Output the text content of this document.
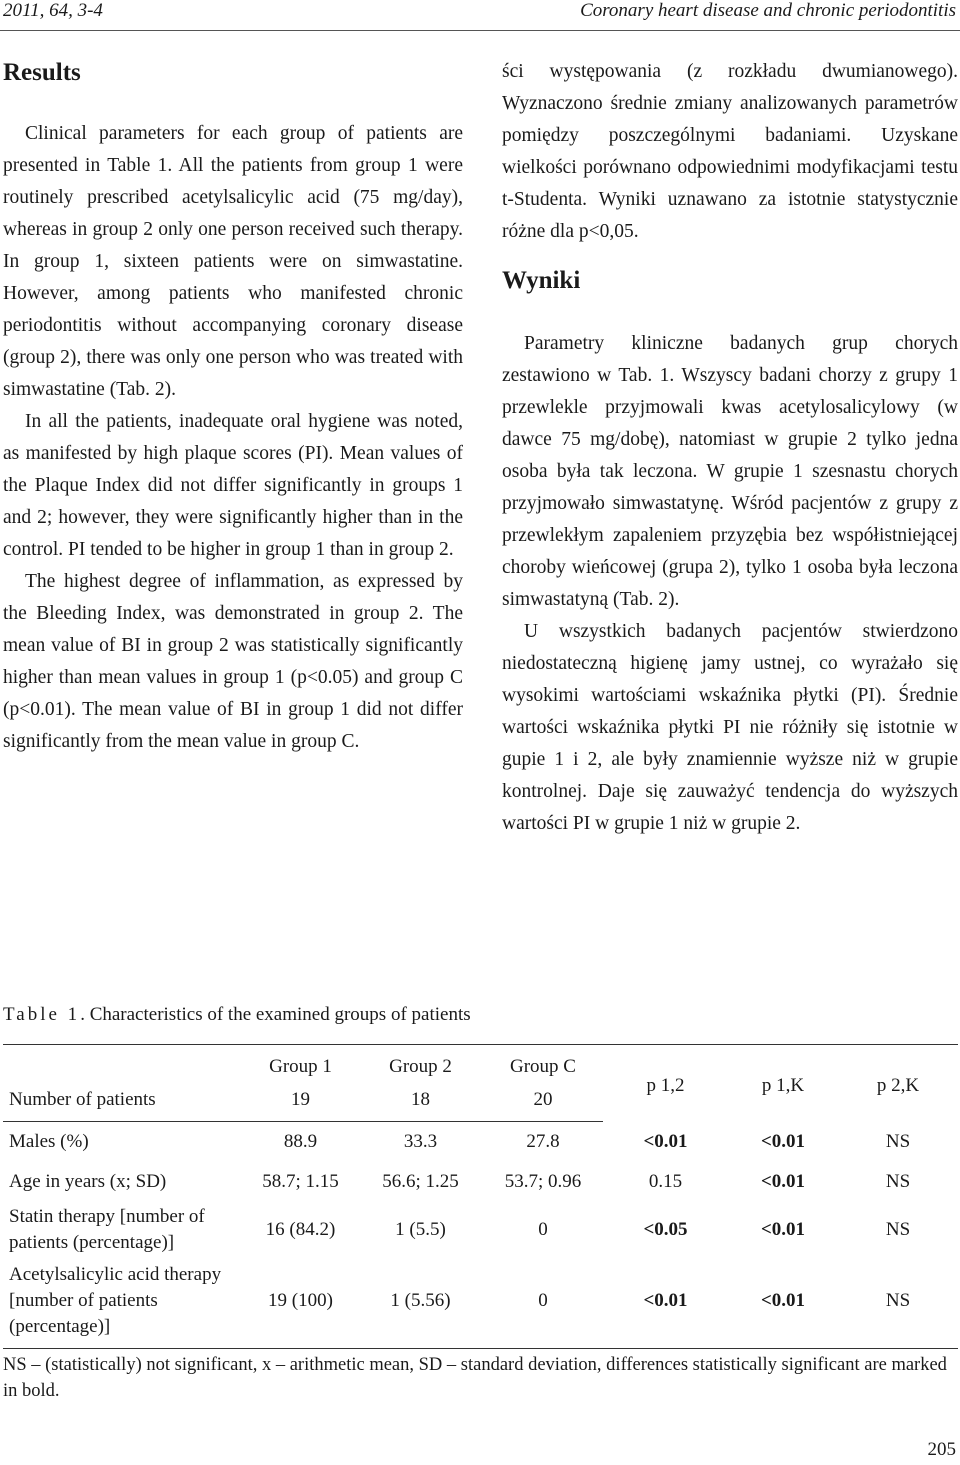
2011, 64, 3-4	Coronary heart disease and chronic periodontitis
Results

Clinical parameters for each group of patients are presented in Table 1. All the patients from group 1 were routinely prescribed acetylsalicylic acid (75 mg/day), whereas in group 2 only one person received such therapy. In group 1, sixteen patients were on simwastatine. However, among patients who manifested chronic periodontitis without accompanying coronary disease (group 2), there was only one person who was treated with simwastatine (Tab. 2).

In all the patients, inadequate oral hygiene was noted, as manifested by high plaque scores (PI). Mean values of the Plaque Index did not differ significantly in groups 1 and 2; however, they were significantly higher than in the control. PI tended to be higher in group 1 than in group 2.

The highest degree of inflammation, as expressed by the Bleeding Index, was demonstrated in group 2. The mean value of BI in group 2 was statistically significantly higher than mean values in group 1 (p<0.05) and group C (p<0.01). The mean value of BI in group 1 did not differ significantly from the mean value in group C.

ści występowania (z rozkładu dwumianowego). Wyznaczono średnie zmiany analizowanych parametrów pomiędzy poszczególnymi badaniami. Uzyskane wielkości porównano odpowiednimi modyfikacjami testu t-Studenta. Wyniki uznawano za istotnie statystycznie różne dla p<0,05.

Wyniki

Parametry kliniczne badanych grup chorych zestawiono w Tab. 1. Wszyscy badani chorzy z grupy 1 przewlekle przyjmowali kwas acetylosalicylowy (w dawce 75 mg/dobę), natomiast w grupie 2 tylko jedna osoba była tak leczona. W grupie 1 szesnastu chorych przyjmowało simwastatynę. Wśród pacjentów z grupy z przewlekłym zapaleniem przyzębia bez współistniejącej choroby wieńcowej (grupa 2), tylko 1 osoba była leczona simwastatyną (Tab. 2).

U wszystkich badanych pacjentów stwierdzono niedostateczną higienę jamy ustnej, co wyrażało się wysokimi wartościami wskaźnika płytki (PI). Średnie wartości wskaźnika płytki PI nie różniły się istotnie w gupie 1 i 2, ale były znamiennie wyższe niż w grupie kontrolnej. Daje się zauważyć tendencja do wyższych wartości PI w grupie 1 niż w grupie 2.

Table 1. Characteristics of the examined groups of patients
	Group 1	Group 2	Group C	p 1,2	p 1,K	p 2,K
Number of patients	19	18	20			
Males (%)	88.9	33.3	27.8	<0.01	<0.01	NS
Age in years (x; SD)	58.7; 1.15	56.6; 1.25	53.7; 0.96	0.15	<0.01	NS
Statin therapy [number of patients (percentage)]	16 (84.2)	1 (5.5)	0	<0.05	<0.01	NS
Acetylsalicylic acid therapy [number of patients (percentage)]	19 (100)	1 (5.56)	0	<0.01	<0.01	NS
NS – (statistically) not significant, x – arithmetic mean, SD – standard deviation, differences statistically significant are marked in bold.
205
